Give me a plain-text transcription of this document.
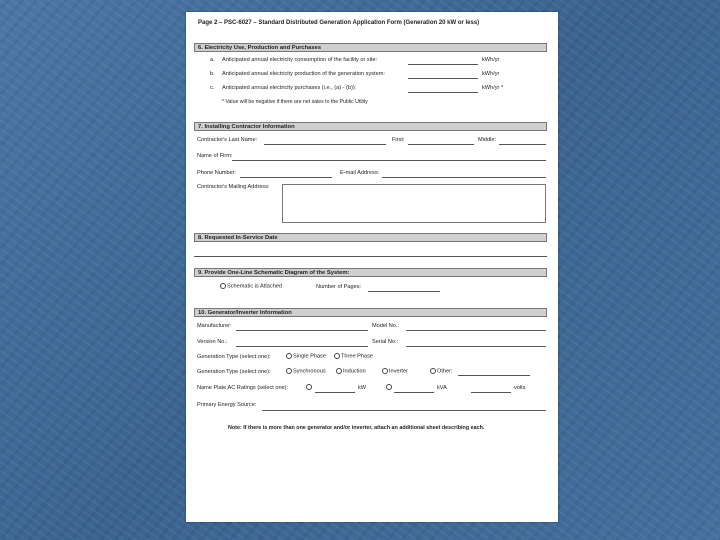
Page 2 – PSC-6027 – Standard Distributed Generation Application Form (Generation 20 kW or less)
6. Electricity Use, Production and Purchases
a. Anticipated annual electricity consumption of the facility or site:	kWh/yr
b. Anticipated annual electricity production of the generation system:	kWh/yr
c. Anticipated annual electricity purchases (i.e., (a) - (b)):	kWh/yr *
* Value will be negative if there are net sales to the Public Utility
7. Installing Contractor Information
Contractor's Last Name:	First:	Middle:
Name of Firm:
Phone Number:	E-mail Address:
Contractor's Mailing Address:
8. Requested In-Service Date
9. Provide One-Line Schematic Diagram of the System:
Schematic is Attached	Number of Pages:
10. Generator/Inverter Information
Manufacturer:	Model No.:
Version No.:	Serial No.:
Generation Type (select one):	Single Phase	Three Phase
Generation Type (select one):	Synchronous	Induction	Inverter	Other:
Name Plate AC Ratings (select one):	kW	kVA	volts
Primary Energy Source:
Note: If there is more than one generator and/or inverter, attach an additional sheet describing each.
